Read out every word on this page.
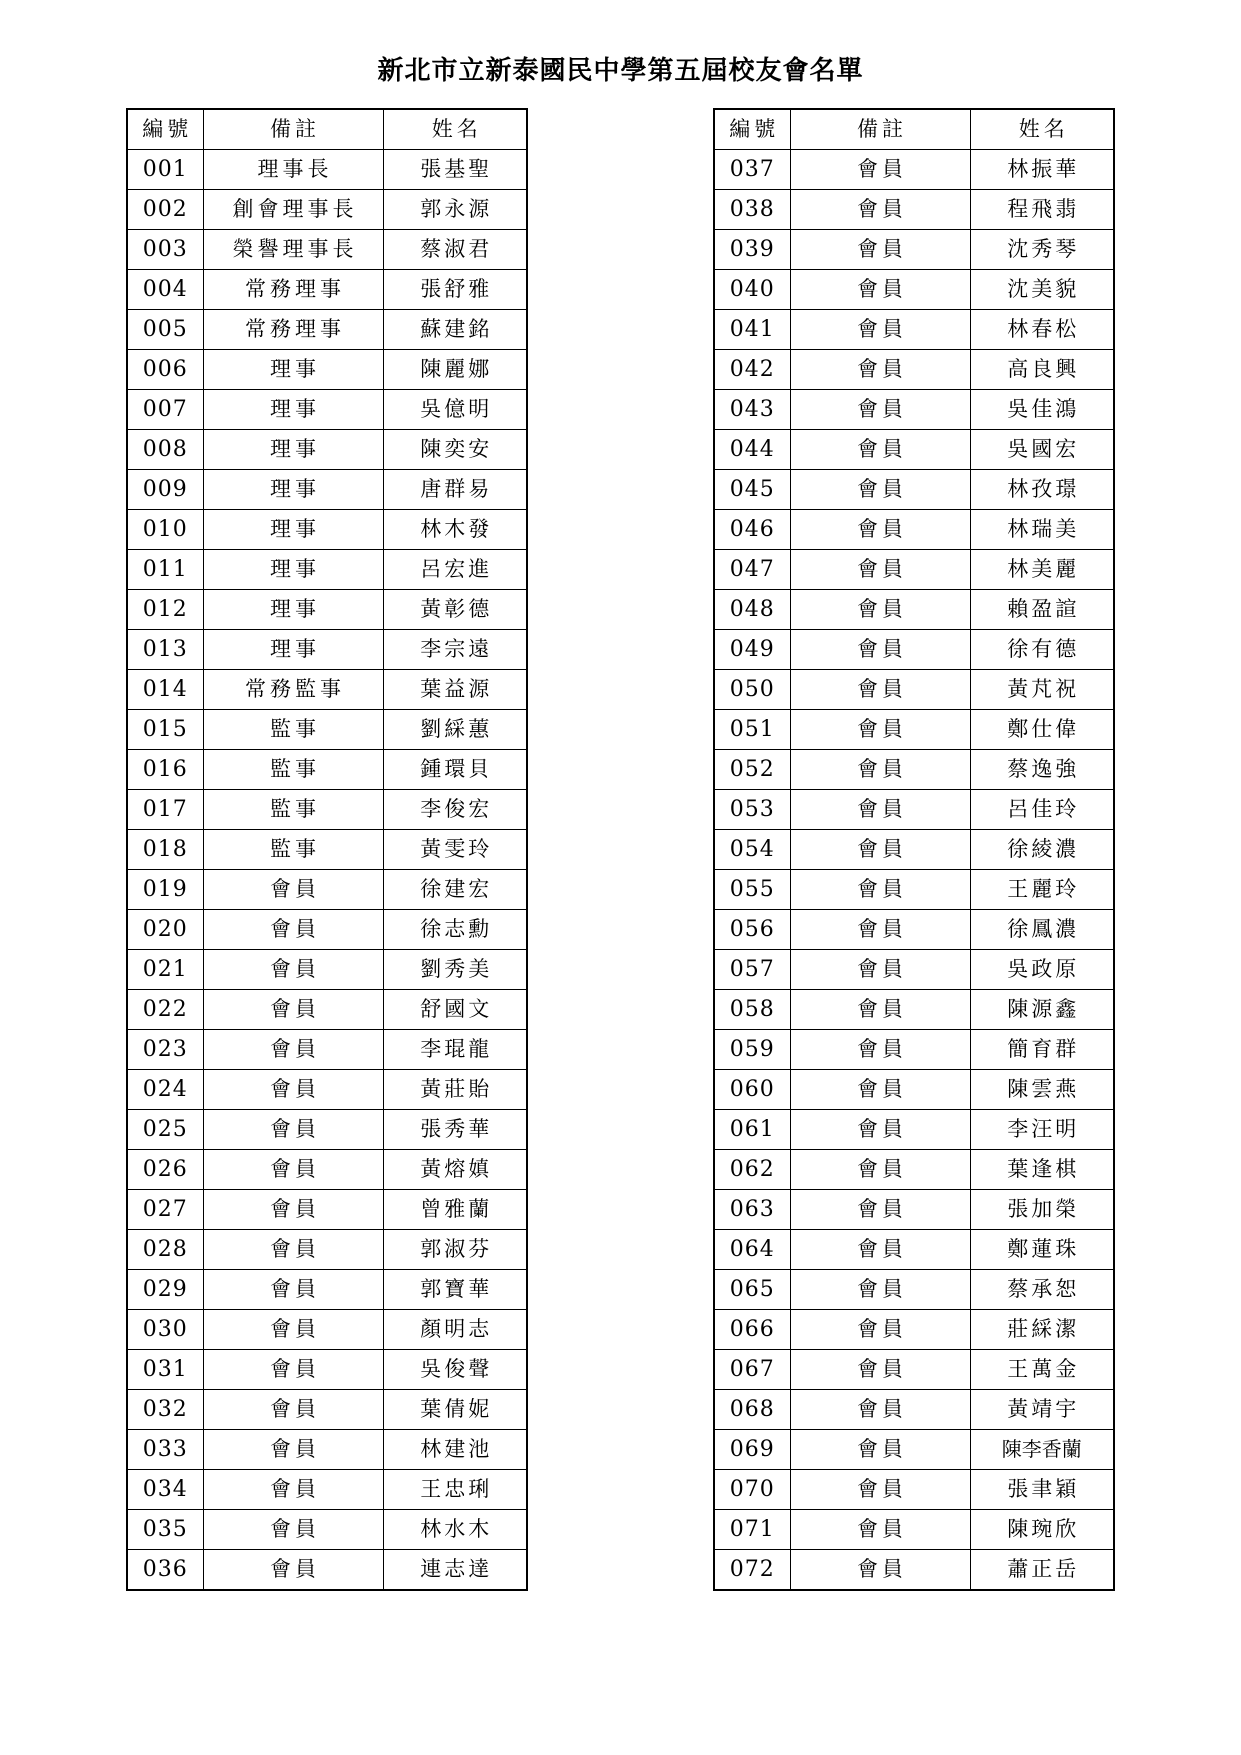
新北市立新泰國民中學第五屆校友會名單
編號	備註	姓名
001	理事長	張基聖
002	創會理事長	郭永源
003	榮譽理事長	蔡淑君
004	常務理事	張舒雅
005	常務理事	蘇建銘
006	理事	陳麗娜
007	理事	吳億明
008	理事	陳奕安
009	理事	唐群易
010	理事	林木發
011	理事	呂宏進
012	理事	黃彰德
013	理事	李宗遠
014	常務監事	葉益源
015	監事	劉綵蕙
016	監事	鍾環貝
017	監事	李俊宏
018	監事	黃雯玲
019	會員	徐建宏
020	會員	徐志勳
021	會員	劉秀美
022	會員	舒國文
023	會員	李琨龍
024	會員	黃莊貽
025	會員	張秀華
026	會員	黃熔嫃
027	會員	曾雅蘭
028	會員	郭淑芬
029	會員	郭寶華
030	會員	顏明志
031	會員	吳俊聲
032	會員	葉倩妮
033	會員	林建池
034	會員	王忠琍
035	會員	林水木
036	會員	連志達
編號	備註	姓名
037	會員	林振華
038	會員	程飛翡
039	會員	沈秀琴
040	會員	沈美貌
041	會員	林春松
042	會員	高良興
043	會員	吳佳鴻
044	會員	吳國宏
045	會員	林孜璟
046	會員	林瑞美
047	會員	林美麗
048	會員	賴盈諠
049	會員	徐有德
050	會員	黃芃祝
051	會員	鄭仕偉
052	會員	蔡逸強
053	會員	呂佳玲
054	會員	徐綾濃
055	會員	王麗玲
056	會員	徐鳳濃
057	會員	吳政原
058	會員	陳源鑫
059	會員	簡育群
060	會員	陳雲燕
061	會員	李汪明
062	會員	葉逢棋
063	會員	張加榮
064	會員	鄭蓮珠
065	會員	蔡承恕
066	會員	莊綵潔
067	會員	王萬金
068	會員	黃靖宇
069	會員	陳李香蘭
070	會員	張聿穎
071	會員	陳琬欣
072	會員	蕭正岳
